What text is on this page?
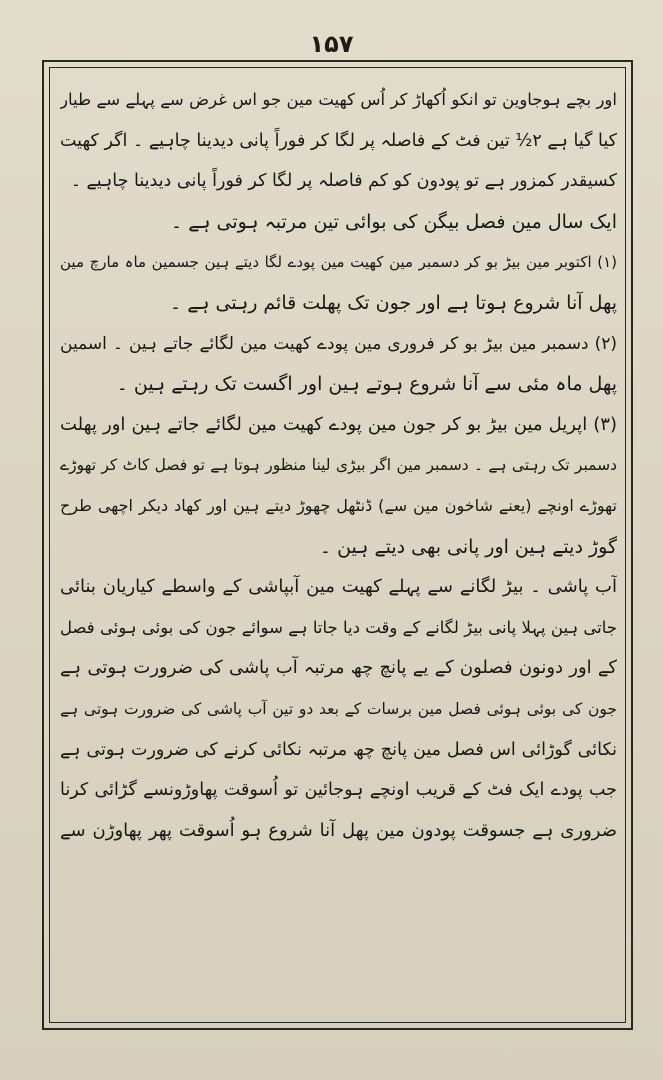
۱۵۷
اور بچے ہوجاوین تو انکو اُکھاڑ کر اُس کھیت مین جو اس غرض سے پہلے سے طیار
کیا گیا ہے ۲½ تین فٹ کے فاصلہ پر لگا کر فوراً پانی دیدینا چاہیے ۔ اگر کھیت
کسیقدر کمزور ہے تو پودون کو کم فاصلہ پر لگا کر فوراً پانی دیدینا چاہیے ۔
ایک سال مین فصل بیگن کی بوائی تین مرتبہ ہوتی ہے ۔
(۱) اکتوبر مین بیڑ بو کر دسمبر مین کھیت مین پودے لگا دیتے ہین جسمین ماہ مارچ مین
پھل آنا شروع ہوتا ہے اور جون تک پھلت قائم رہتی ہے ۔
(۲) دسمبر مین بیڑ بو کر فروری مین پودے کھیت مین لگائے جاتے ہین ۔ اسمین
پھل ماہ مئی سے آنا شروع ہوتے ہین اور اگست تک رہتے ہین ۔
(۳) اپریل مین بیڑ بو کر جون مین پودے کھیت مین لگائے جاتے ہین اور پھلت
دسمبر تک رہتی ہے ۔ دسمبر مین اگر بیڑی لینا منظور ہوتا ہے تو فصل کاٹ کر تھوڑے
تھوڑے اونچے (یعنے شاخون مین سے) ڈنٹھل چھوڑ دیتے ہین اور کھاد دیکر اچھی طرح
گوڑ دیتے ہین اور پانی بھی دیتے ہین ۔
آب پاشی ۔ بیڑ لگانے سے پہلے کھیت مین آبپاشی کے واسطے کیاریان بنائی
جاتی ہین پہلا پانی بیڑ لگانے کے وقت دیا جاتا ہے سوائے جون کی بوئی ہوئی فصل
کے اور دونون فصلون کے یے پانچ چھ مرتبہ آب پاشی کی ضرورت ہوتی ہے
جون کی بوئی ہوئی فصل مین برسات کے بعد دو تین آب پاشی کی ضرورت ہوتی ہے
نکائی گوڑائی اس فصل مین پانچ چھ مرتبہ نکائی کرنے کی ضرورت ہوتی ہے
جب پودے ایک فٹ کے قریب اونچے ہوجائین تو اُسوقت پھاوڑونسے گڑائی کرنا
ضروری ہے جسوقت پودون مین پھل آنا شروع ہو اُسوقت پھر پھاوڑن سے
